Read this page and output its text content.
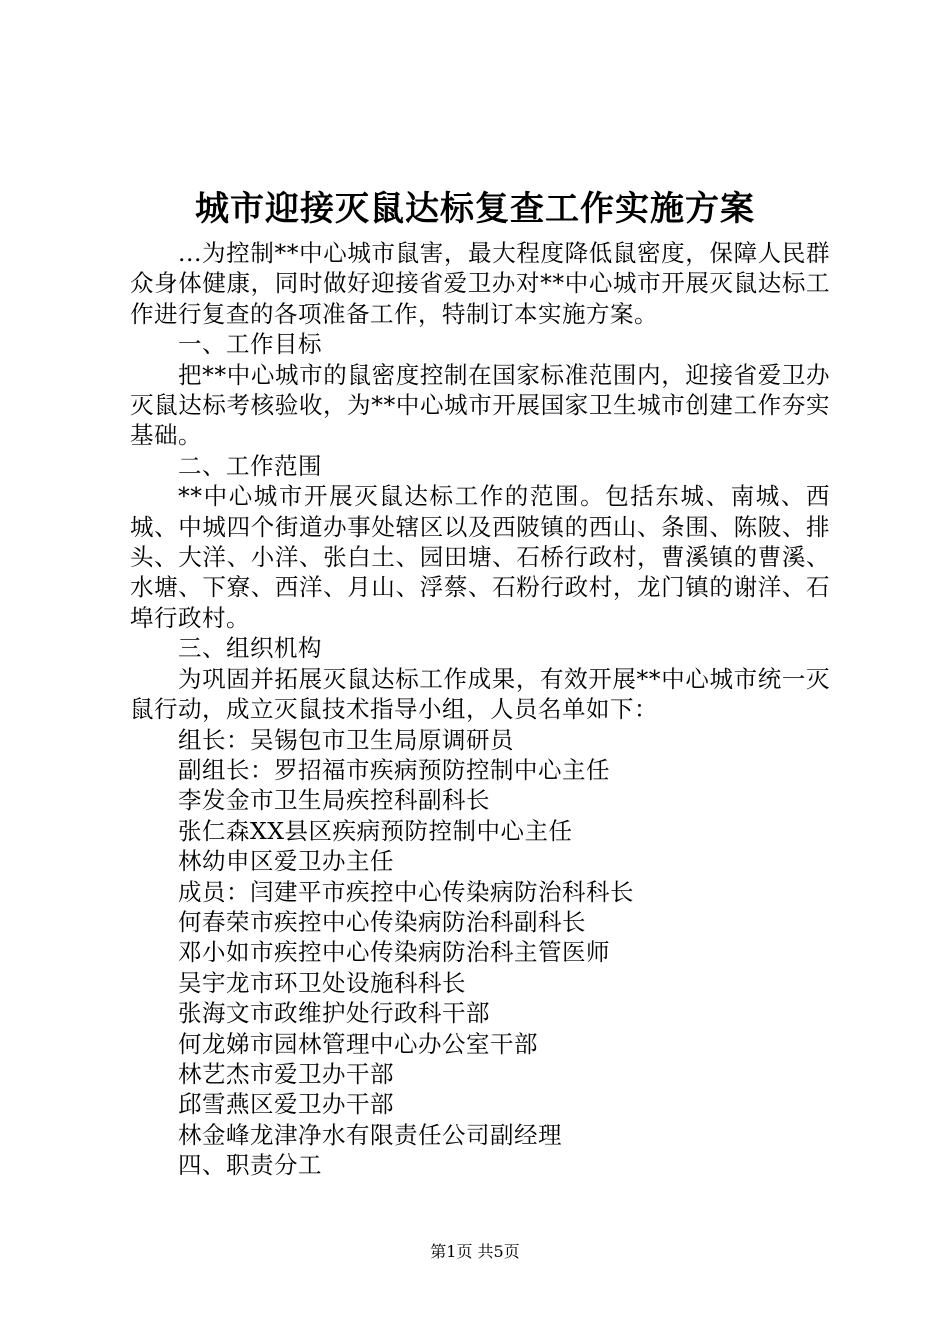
城市迎接灭鼠达标复查工作实施方案

...为控制**中心城市鼠害，最大程度降低鼠密度，保障人民群众身体健康，同时做好迎接省爱卫办对**中心城市开展灭鼠达标工作进行复查的各项准备工作，特制订本实施方案。

一、工作目标

把**中心城市的鼠密度控制在国家标准范围内，迎接省爱卫办灭鼠达标考核验收，为**中心城市开展国家卫生城市创建工作夯实基础。

二、工作范围

**中心城市开展灭鼠达标工作的范围。包括东城、南城、西城、中城四个街道办事处辖区以及西陂镇的西山、条围、陈陂、排头、大洋、小洋、张白土、园田塘、石桥行政村，曹溪镇的曹溪、水塘、下寮、西洋、月山、浮蔡、石粉行政村，龙门镇的谢洋、石埠行政村。

三、组织机构

为巩固并拓展灭鼠达标工作成果，有效开展**中心城市统一灭鼠行动，成立灭鼠技术指导小组，人员名单如下：

组长：吴锡包市卫生局原调研员

副组长：罗招福市疾病预防控制中心主任

李发金市卫生局疾控科副科长

张仁森XX县区疾病预防控制中心主任

林幼申区爱卫办主任

成员：闫建平市疾控中心传染病防治科科长

何春荣市疾控中心传染病防治科副科长

邓小如市疾控中心传染病防治科主管医师

吴宇龙市环卫处设施科科长

张海文市政维护处行政科干部

何龙娣市园林管理中心办公室干部

林艺杰市爱卫办干部

邱雪燕区爱卫办干部

林金峰龙津净水有限责任公司副经理

四、职责分工

第1页 共5页
